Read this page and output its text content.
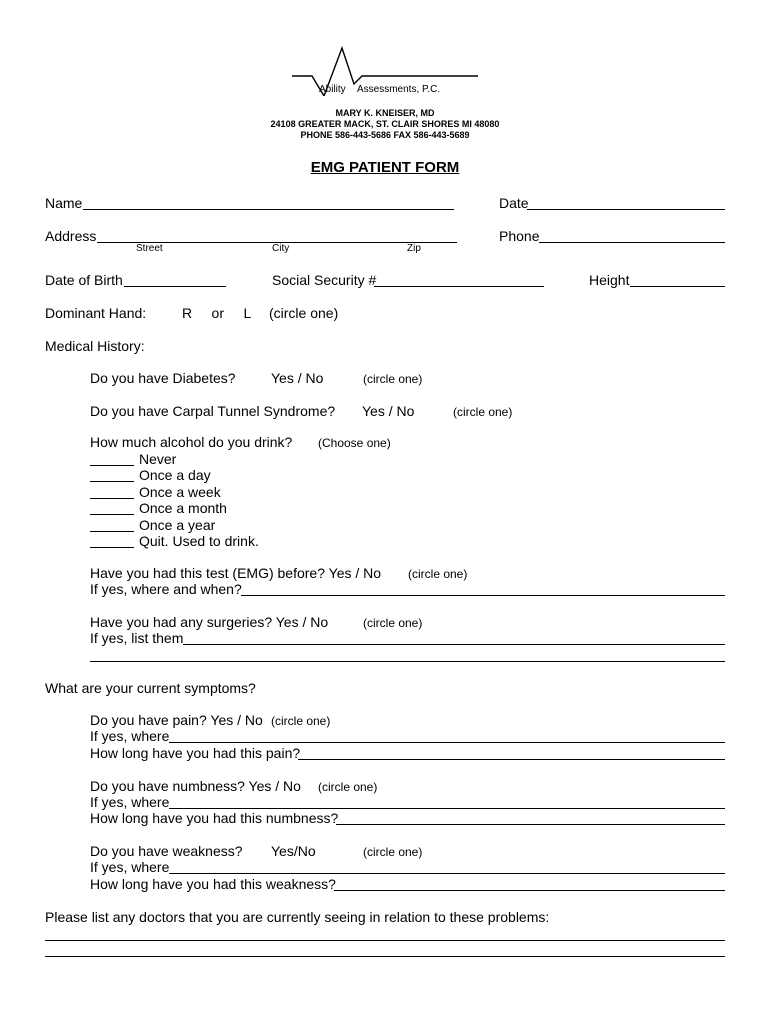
Ability Assessments, P.C.
MARY K. KNEISER, MD
24108 GREATER MACK, ST. CLAIR SHORES MI 48080
PHONE 586-443-5686 FAX 586-443-5689
EMG PATIENT FORM
Name	Date
Address
Street	City	Zip
Phone
Date of Birth	Social Security #	Height
Dominant Hand:	R     or     L (circle one)
Medical History:
Do you have Diabetes?	Yes / No	(circle one)
Do you have Carpal Tunnel Syndrome? Yes / No	(circle one)
How much alcohol do you drink? (Choose one)
Never
Once a day
Once a week
Once a month
Once a year
Quit. Used to drink.
Have you had this test (EMG) before? Yes / No (circle one)
If yes, where and when?
Have you had any surgeries? Yes / No	(circle one)
If yes, list them
What are your current symptoms?
Do you have pain? Yes / No (circle one)
If yes, where
How long have you had this pain?
Do you have numbness? Yes / No (circle one)
If yes, where
How long have you had this numbness?
Do you have weakness? Yes/No	(circle one)
If yes, where
How long have you had this weakness?
Please list any doctors that you are currently seeing in relation to these problems:
